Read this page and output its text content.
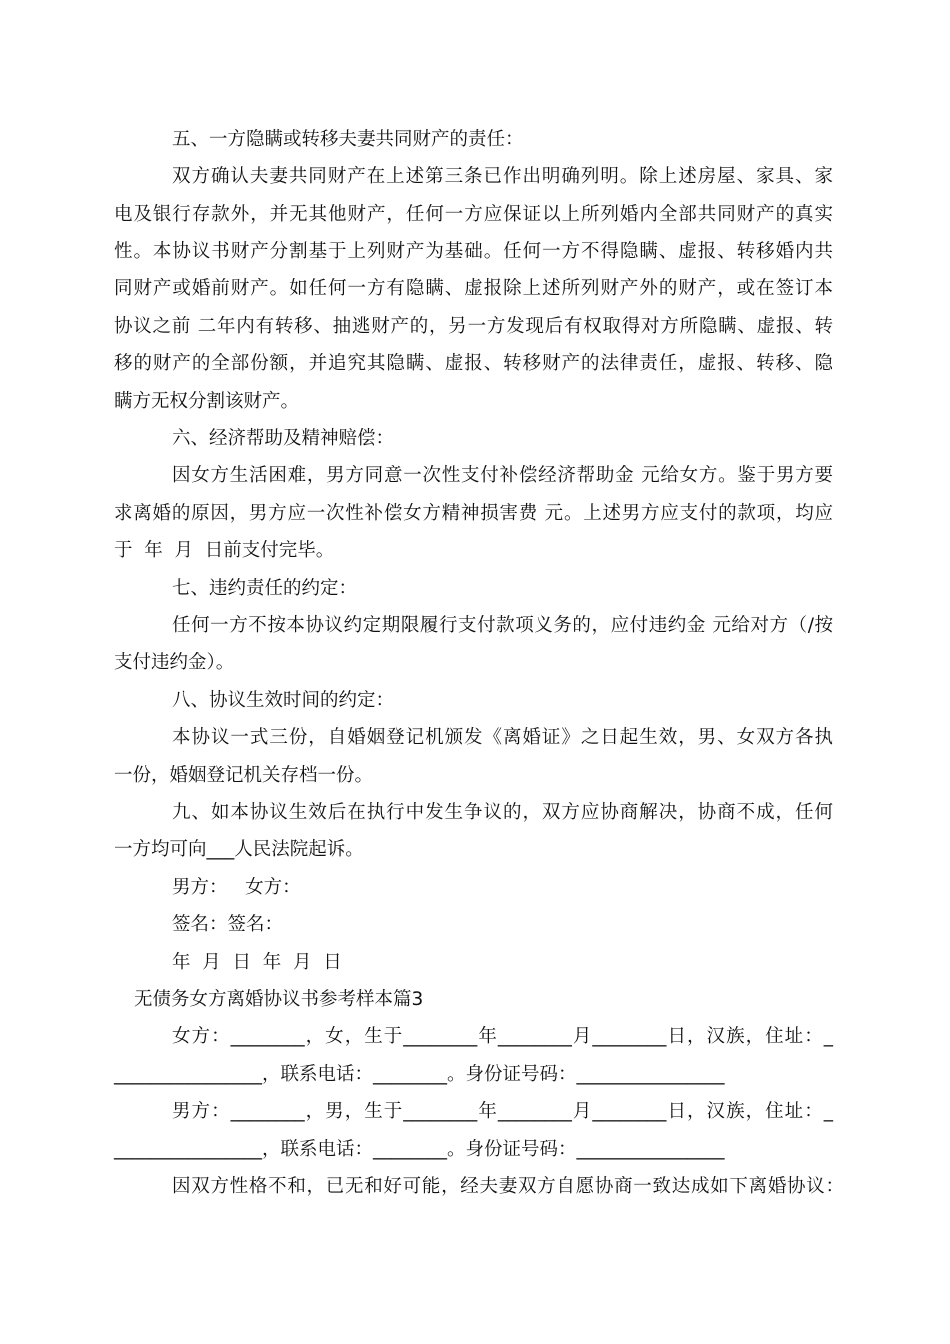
五、一方隐瞒或转移夫妻共同财产的责任：

双方确认夫妻共同财产在上述第三条已作出明确列明。除上述房屋、家具、家

电及银行存款外，并无其他财产，任何一方应保证以上所列婚内全部共同财产的真实

性。本协议书财产分割基于上列财产为基础。任何一方不得隐瞒、虚报、转移婚内共

同财产或婚前财产。如任何一方有隐瞒、虚报除上述所列财产外的财产，或在签订本

协议之前 二年内有转移、抽逃财产的，另一方发现后有权取得对方所隐瞒、虚报、转

移的财产的全部份额，并追究其隐瞒、虚报、转移财产的法律责任，虚报、转移、隐

瞒方无权分割该财产。

六、经济帮助及精神赔偿：

因女方生活困难，男方同意一次性支付补偿经济帮助金 元给女方。鉴于男方要

求离婚的原因，男方应一次性补偿女方精神损害费 元。上述男方应支付的款项，均应

于  年  月  日前支付完毕。

七、违约责任的约定：

任何一方不按本协议约定期限履行支付款项义务的，应付违约金 元给对方（/按

支付违约金）。

八、协议生效时间的约定：

本协议一式三份，自婚姻登记机颁发《离婚证》之日起生效，男、女双方各执

一份，婚姻登记机关存档一份。

九、如本协议生效后在执行中发生争议的，双方应协商解决，协商不成，任何

一方均可向___人民法院起诉。

男方：   女方：

签名：签名：

年  月  日  年  月  日

无债务女方离婚协议书参考样本篇3

女方：________，女，生于________年________月________日，汉族，住址：_

________________，联系电话：________。身份证号码：________________

男方：________，男，生于________年________月________日，汉族，住址：_

________________，联系电话：________。身份证号码：________________

因双方性格不和，已无和好可能，经夫妻双方自愿协商一致达成如下离婚协议：
